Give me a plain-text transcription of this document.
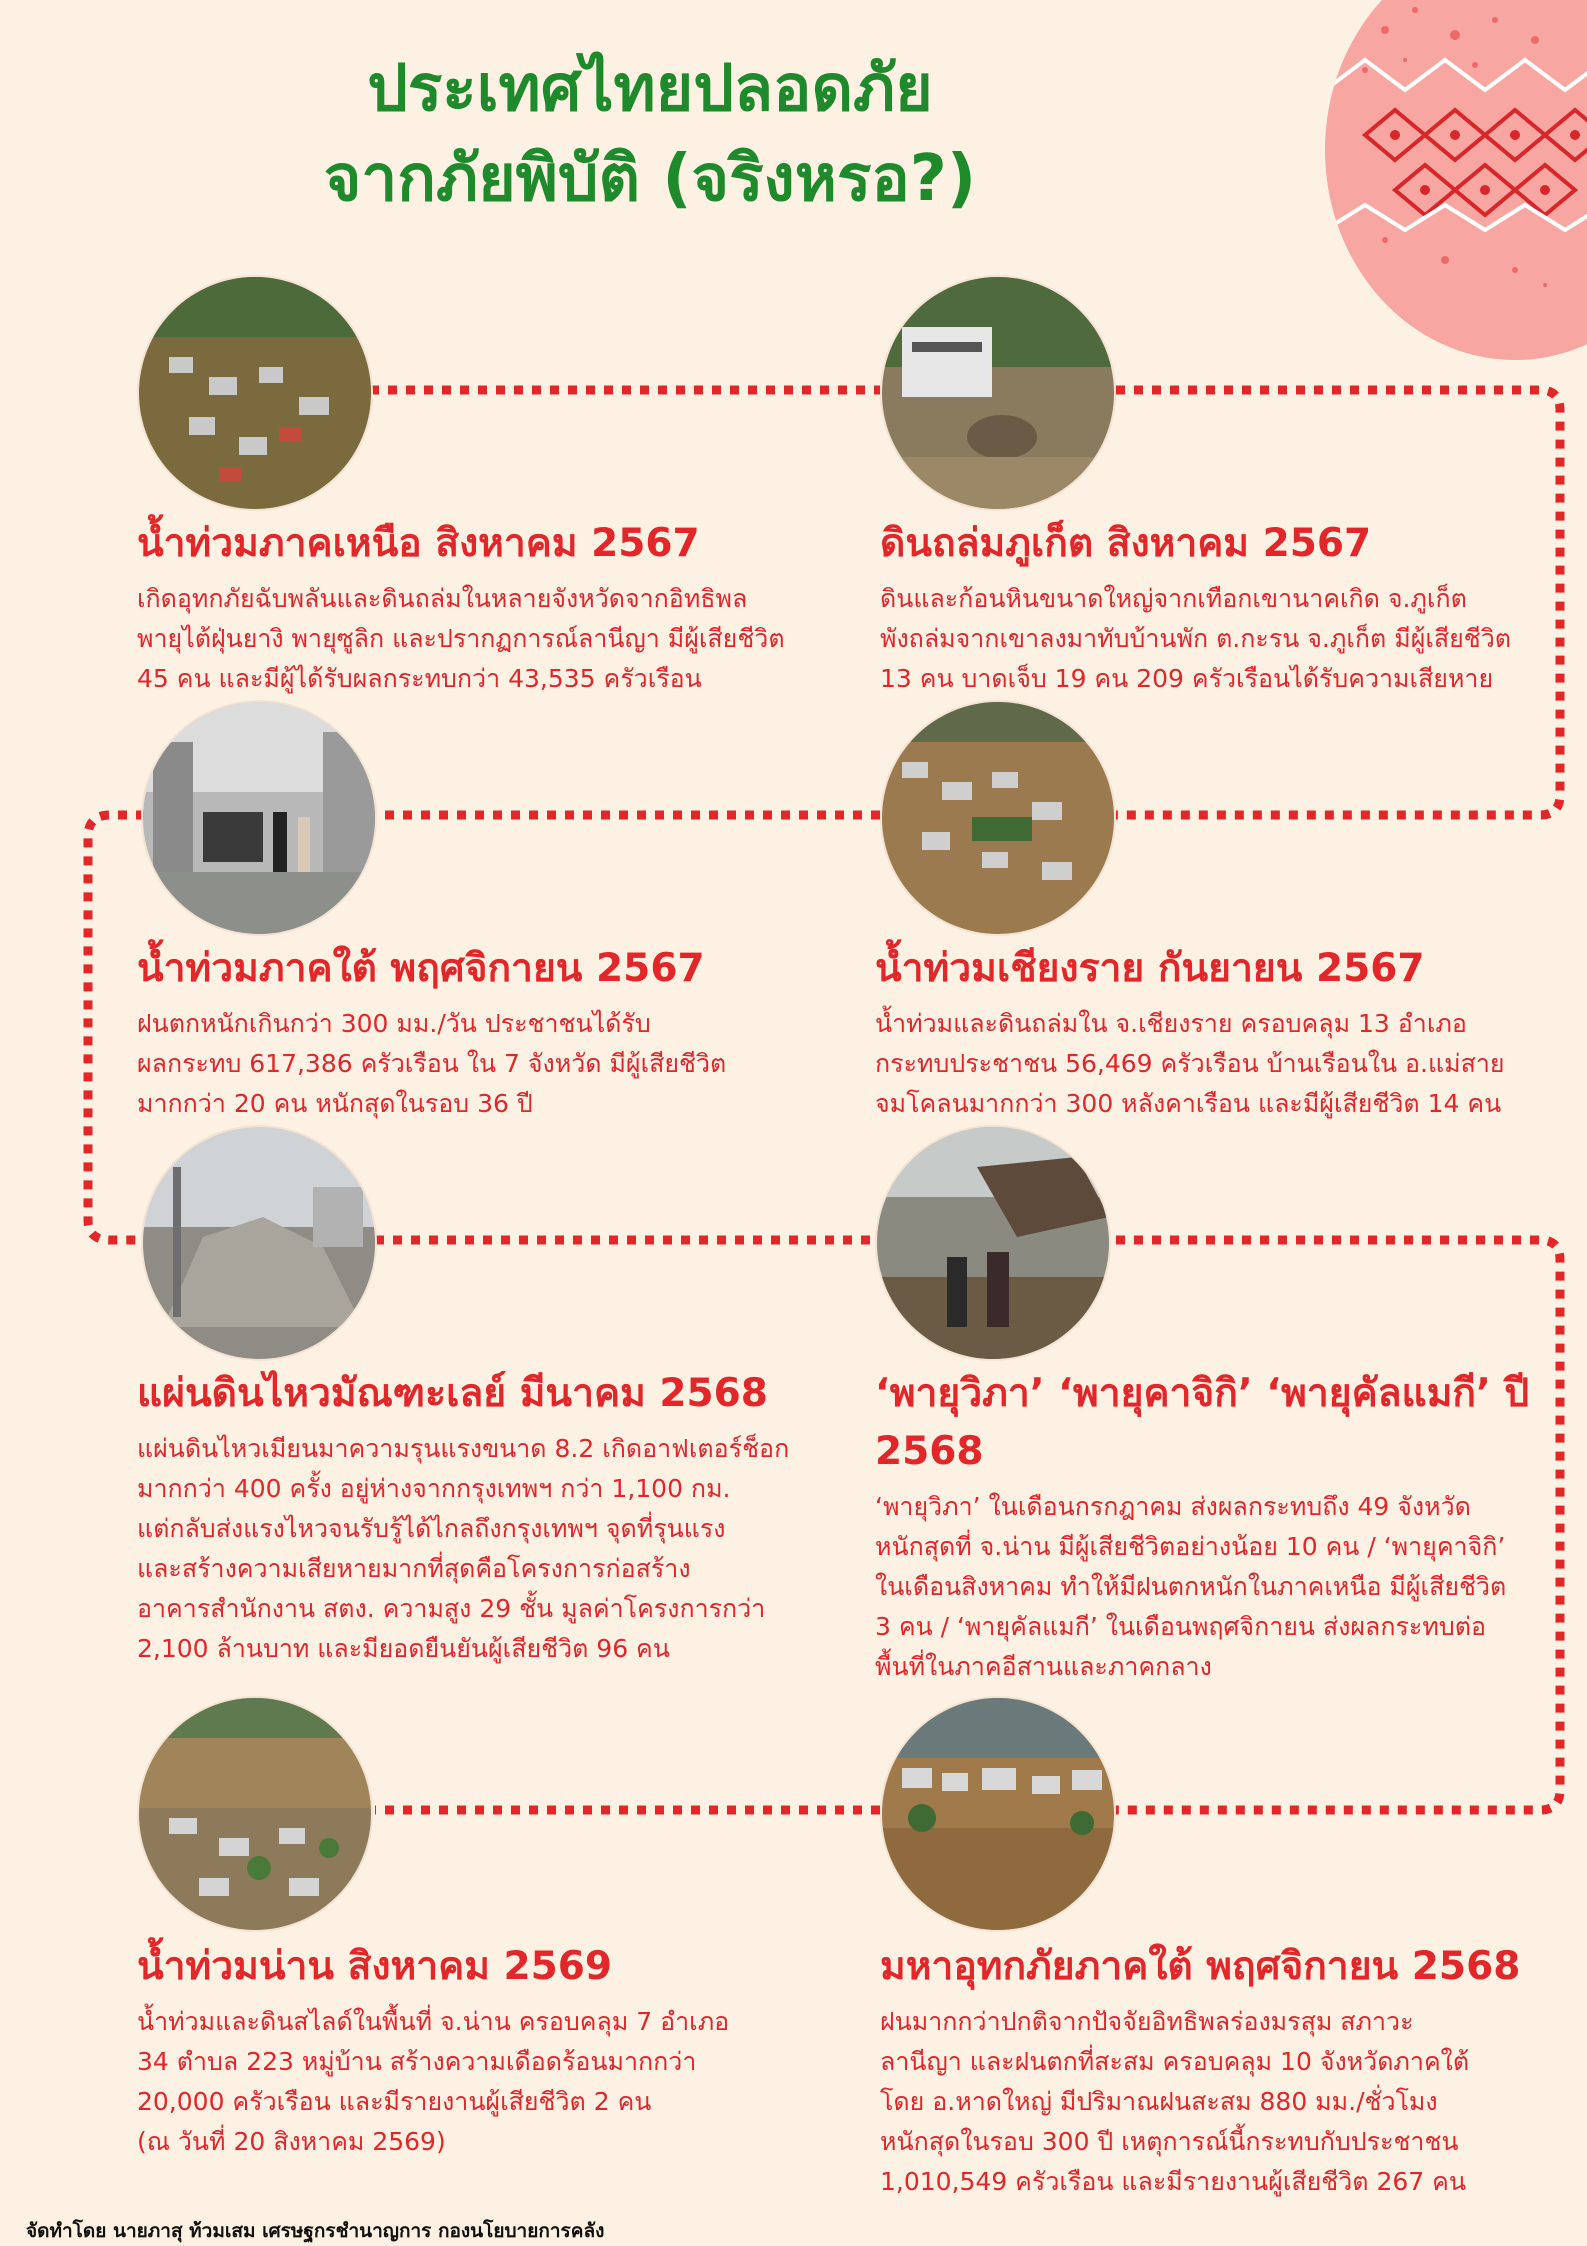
ประเทศไทยปลอดภัย
จากภัยพิบัติ (จริงหรอ?)
น้ำท่วมภาคเหนือ สิงหาคม 2567

เกิดอุทกภัยฉับพลันและดินถล่มในหลายจังหวัดจากอิทธิพล
พายุไต้ฝุ่นยางิ พายุซูลิก และปรากฏการณ์ลานีญา มีผู้เสียชีวิต
45 คน และมีผู้ได้รับผลกระทบกว่า 43,535 ครัวเรือน

ดินถล่มภูเก็ต สิงหาคม 2567

ดินและก้อนหินขนาดใหญ่จากเทือกเขานาคเกิด จ.ภูเก็ต
พังถล่มจากเขาลงมาทับบ้านพัก ต.กะรน จ.ภูเก็ต มีผู้เสียชีวิต
13 คน บาดเจ็บ 19 คน 209 ครัวเรือนได้รับความเสียหาย

น้ำท่วมภาคใต้ พฤศจิกายน 2567

ฝนตกหนักเกินกว่า 300 มม./วัน ประชาชนได้รับ
ผลกระทบ 617,386 ครัวเรือน ใน 7 จังหวัด มีผู้เสียชีวิต
มากกว่า 20 คน หนักสุดในรอบ 36 ปี

น้ำท่วมเชียงราย กันยายน 2567

น้ำท่วมและดินถล่มใน จ.เชียงราย ครอบคลุม 13 อำเภอ
กระทบประชาชน 56,469 ครัวเรือน บ้านเรือนใน อ.แม่สาย
จมโคลนมากกว่า 300 หลังคาเรือน และมีผู้เสียชีวิต 14 คน

แผ่นดินไหวมัณฑะเลย์ มีนาคม 2568

แผ่นดินไหวเมียนมาความรุนแรงขนาด 8.2 เกิดอาฟเตอร์ช็อก
มากกว่า 400 ครั้ง อยู่ห่างจากกรุงเทพฯ กว่า 1,100 กม.
แต่กลับส่งแรงไหวจนรับรู้ได้ไกลถึงกรุงเทพฯ จุดที่รุนแรง
และสร้างความเสียหายมากที่สุดคือโครงการก่อสร้าง
อาคารสำนักงาน สตง. ความสูง 29 ชั้น มูลค่าโครงการกว่า
2,100 ล้านบาท และมียอดยืนยันผู้เสียชีวิต 96 คน

‘พายุวิภา’ ‘พายุคาจิกิ’ ‘พายุคัลแมกี’ ปี 2568

‘พายุวิภา’ ในเดือนกรกฎาคม ส่งผลกระทบถึง 49 จังหวัด
หนักสุดที่ จ.น่าน มีผู้เสียชีวิตอย่างน้อย 10 คน / ‘พายุคาจิกิ’
ในเดือนสิงหาคม ทำให้มีฝนตกหนักในภาคเหนือ มีผู้เสียชีวิต
3 คน / ‘พายุคัลแมกี’ ในเดือนพฤศจิกายน ส่งผลกระทบต่อ
พื้นที่ในภาคอีสานและภาคกลาง

น้ำท่วมน่าน สิงหาคม 2569

น้ำท่วมและดินสไลด์ในพื้นที่ จ.น่าน ครอบคลุม 7 อำเภอ
34 ตำบล 223 หมู่บ้าน สร้างความเดือดร้อนมากกว่า
20,000 ครัวเรือน และมีรายงานผู้เสียชีวิต 2 คน
(ณ วันที่ 20 สิงหาคม 2569)

มหาอุทกภัยภาคใต้ พฤศจิกายน 2568

ฝนมากกว่าปกติจากปัจจัยอิทธิพลร่องมรสุม สภาวะ
ลานีญา และฝนตกที่สะสม ครอบคลุม 10 จังหวัดภาคใต้
โดย อ.หาดใหญ่ มีปริมาณฝนสะสม 880 มม./ชั่วโมง
หนักสุดในรอบ 300 ปี เหตุการณ์นี้กระทบกับประชาชน
1,010,549 ครัวเรือน และมีรายงานผู้เสียชีวิต 267 คน

จัดทำโดย นายภาสุ ท้วมเสม เศรษฐกรชำนาญการ กองนโยบายการคลัง
